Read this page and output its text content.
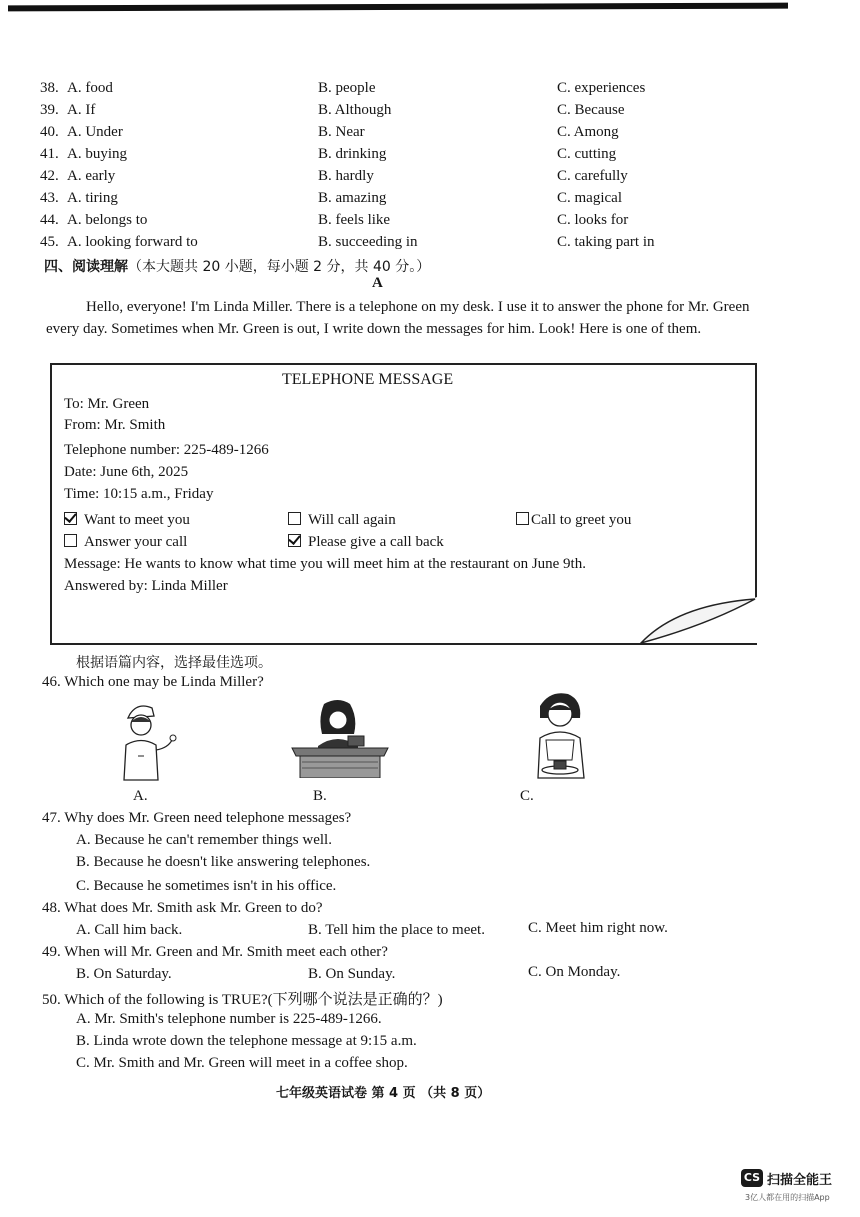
38. A. food	B. people	C. experiences
39. A. If	B. Although	C. Because
40. A. Under	B. Near	C. Among
41. A. buying	B. drinking	C. cutting
42. A. early	B. hardly	C. carefully
43. A. tiring	B. amazing	C. magical
44. A. belongs to	B. feels like	C. looks for
45. A. looking forward to	B. succeeding in	C. taking part in
四、阅读理解（本大题共 20 小题，每小题 2 分，共 40 分。）
A
Hello, everyone! I'm Linda Miller. There is a telephone on my desk. I use it to answer the phone for Mr. Green every day. Sometimes when Mr. Green is out, I write down the messages for him. Look! Here is one of them.
TELEPHONE MESSAGE
To: Mr. Green
From: Mr. Smith
Telephone number: 225-489-1266
Date: June 6th, 2025
Time: 10:15 a.m., Friday
Want to meet you	Will call again	Call to greet you
Answer your call	Please give a call back
Message: He wants to know what time you will meet him at the restaurant on June 9th.
Answered by: Linda Miller
根据语篇内容，选择最佳选项。
46. Which one may be Linda Miller?
A.	B.	C.
47. Why does Mr. Green need telephone messages?
A. Because he can't remember things well.
B. Because he doesn't like answering telephones.
C. Because he sometimes isn't in his office.
48. What does Mr. Smith ask Mr. Green to do?
A. Call him back.	B. Tell him the place to meet.	C. Meet him right now.
49. When will Mr. Green and Mr. Smith meet each other?
B. On Saturday.	B. On Sunday.	C. On Monday.
50. Which of the following is TRUE?(下列哪个说法是正确的？)
A. Mr. Smith's telephone number is 225-489-1266.
B. Linda wrote down the telephone message at 9:15 a.m.
C. Mr. Smith and Mr. Green will meet in a coffee shop.
七年级英语试卷 第 4 页 （共 8 页）
CS 扫描全能王
3亿人都在用的扫描App
